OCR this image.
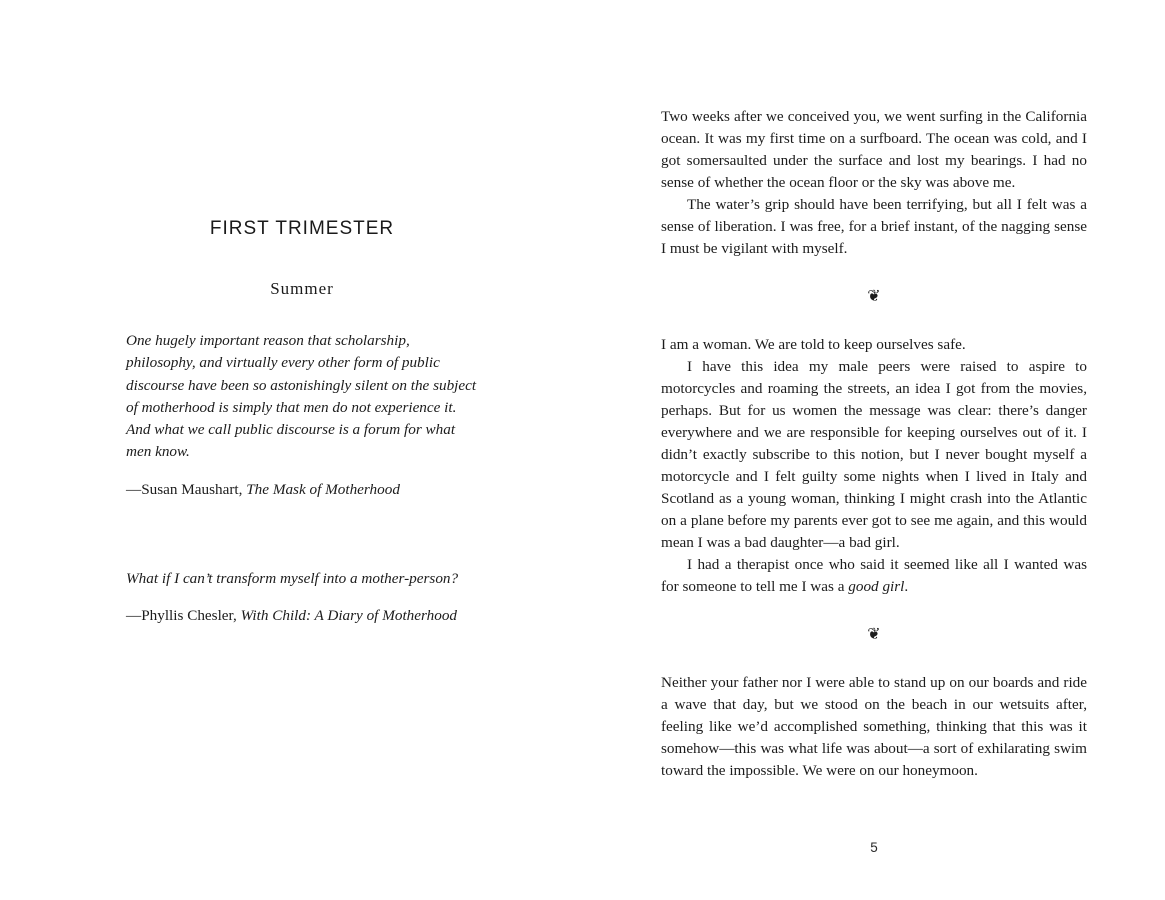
FIRST TRIMESTER
Summer

One hugely important reason that scholarship, philosophy, and virtually every other form of public discourse have been so astonishingly silent on the subject of motherhood is simply that men do not experience it. And what we call public discourse is a forum for what men know.

—Susan Maushart, The Mask of Motherhood

What if I can’t transform myself into a mother-person?

—Phyllis Chesler, With Child: A Diary of Motherhood

Two weeks after we conceived you, we went surfing in the California ocean. It was my first time on a surfboard. The ocean was cold, and I got somersaulted under the surface and lost my bearings. I had no sense of whether the ocean floor or the sky was above me.

The water’s grip should have been terrifying, but all I felt was a sense of liberation. I was free, for a brief instant, of the nagging sense I must be vigilant with myself.

❦

I am a woman. We are told to keep ourselves safe.

I have this idea my male peers were raised to aspire to motorcycles and roaming the streets, an idea I got from the movies, perhaps. But for us women the message was clear: there’s danger everywhere and we are responsible for keeping ourselves out of it. I didn’t exactly subscribe to this notion, but I never bought myself a motorcycle and I felt guilty some nights when I lived in Italy and Scotland as a young woman, thinking I might crash into the Atlantic on a plane before my parents ever got to see me again, and this would mean I was a bad daughter—a bad girl.

I had a therapist once who said it seemed like all I wanted was for someone to tell me I was a good girl.

❦

Neither your father nor I were able to stand up on our boards and ride a wave that day, but we stood on the beach in our wetsuits after, feeling like we’d accomplished something, thinking that this was it somehow—this was what life was about—a sort of exhilarating swim toward the impossible. We were on our honeymoon.

5
